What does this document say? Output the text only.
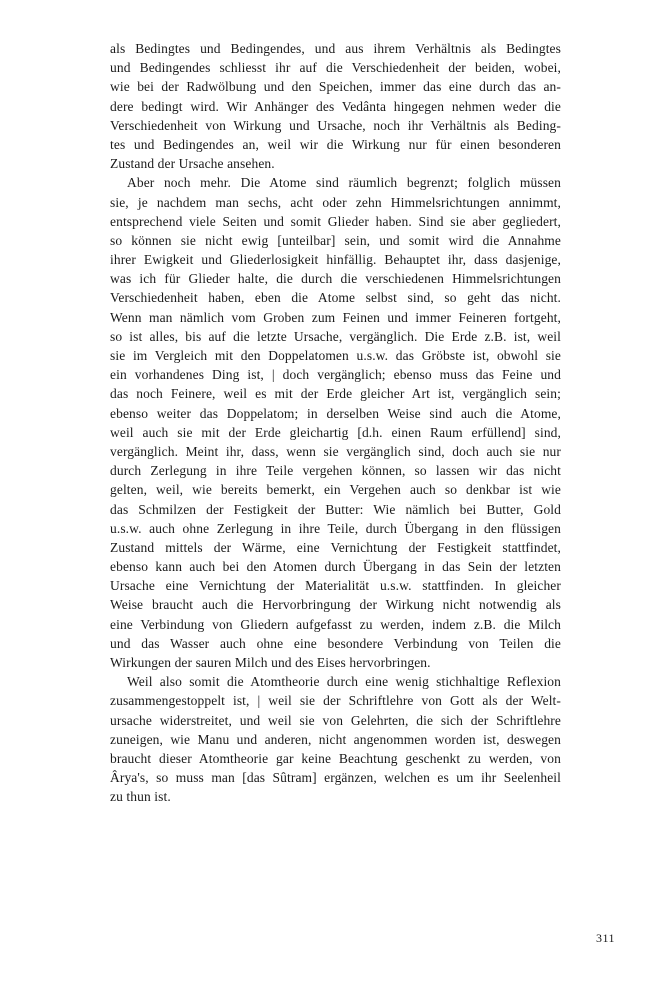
als Bedingtes und Bedingendes, und aus ihrem Verhältnis als Bedingtes
und Bedingendes schliesst ihr auf die Verschiedenheit der beiden, wobei,
wie bei der Radwölbung und den Speichen, immer das eine durch das an-
dere bedingt wird. Wir Anhänger des Vedânta hingegen nehmen weder die
Verschiedenheit von Wirkung und Ursache, noch ihr Verhältnis als Beding-
tes und Bedingendes an, weil wir die Wirkung nur für einen besonderen
Zustand der Ursache ansehen.
Aber noch mehr. Die Atome sind räumlich begrenzt; folglich müssen
sie, je nachdem man sechs, acht oder zehn Himmelsrichtungen annimmt,
entsprechend viele Seiten und somit Glieder haben. Sind sie aber gegliedert,
so können sie nicht ewig [unteilbar] sein, und somit wird die Annahme
ihrer Ewigkeit und Gliederlosigkeit hinfällig. Behauptet ihr, dass dasjenige,
was ich für Glieder halte, die durch die verschiedenen Himmelsrichtungen
Verschiedenheit haben, eben die Atome selbst sind, so geht das nicht.
Wenn man nämlich vom Groben zum Feinen und immer Feineren fortgeht,
so ist alles, bis auf die letzte Ursache, vergänglich. Die Erde z.B. ist, weil
sie im Vergleich mit den Doppelatomen u.s.w. das Gröbste ist, obwohl sie
ein vorhandenes Ding ist, | doch vergänglich; ebenso muss das Feine und
das noch Feinere, weil es mit der Erde gleicher Art ist, vergänglich sein;
ebenso weiter das Doppelatom; in derselben Weise sind auch die Atome,
weil auch sie mit der Erde gleichartig [d.h. einen Raum erfüllend] sind,
vergänglich. Meint ihr, dass, wenn sie vergänglich sind, doch auch sie nur
durch Zerlegung in ihre Teile vergehen können, so lassen wir das nicht
gelten, weil, wie bereits bemerkt, ein Vergehen auch so denkbar ist wie
das Schmilzen der Festigkeit der Butter: Wie nämlich bei Butter, Gold
u.s.w. auch ohne Zerlegung in ihre Teile, durch Übergang in den flüssigen
Zustand mittels der Wärme, eine Vernichtung der Festigkeit stattfindet,
ebenso kann auch bei den Atomen durch Übergang in das Sein der letzten
Ursache eine Vernichtung der Materialität u.s.w. stattfinden. In gleicher
Weise braucht auch die Hervorbringung der Wirkung nicht notwendig als
eine Verbindung von Gliedern aufgefasst zu werden, indem z.B. die Milch
und das Wasser auch ohne eine besondere Verbindung von Teilen die
Wirkungen der sauren Milch und des Eises hervorbringen.
Weil also somit die Atomtheorie durch eine wenig stichhaltige Reflexion
zusammengestoppelt ist, | weil sie der Schriftlehre von Gott als der Welt-
ursache widerstreitet, und weil sie von Gelehrten, die sich der Schriftlehre
zuneigen, wie Manu und anderen, nicht angenommen worden ist, deswegen
braucht dieser Atomtheorie gar keine Beachtung geschenkt zu werden, von
Ârya's, so muss man [das Sûtram] ergänzen, welchen es um ihr Seelenheil
zu thun ist.
311
